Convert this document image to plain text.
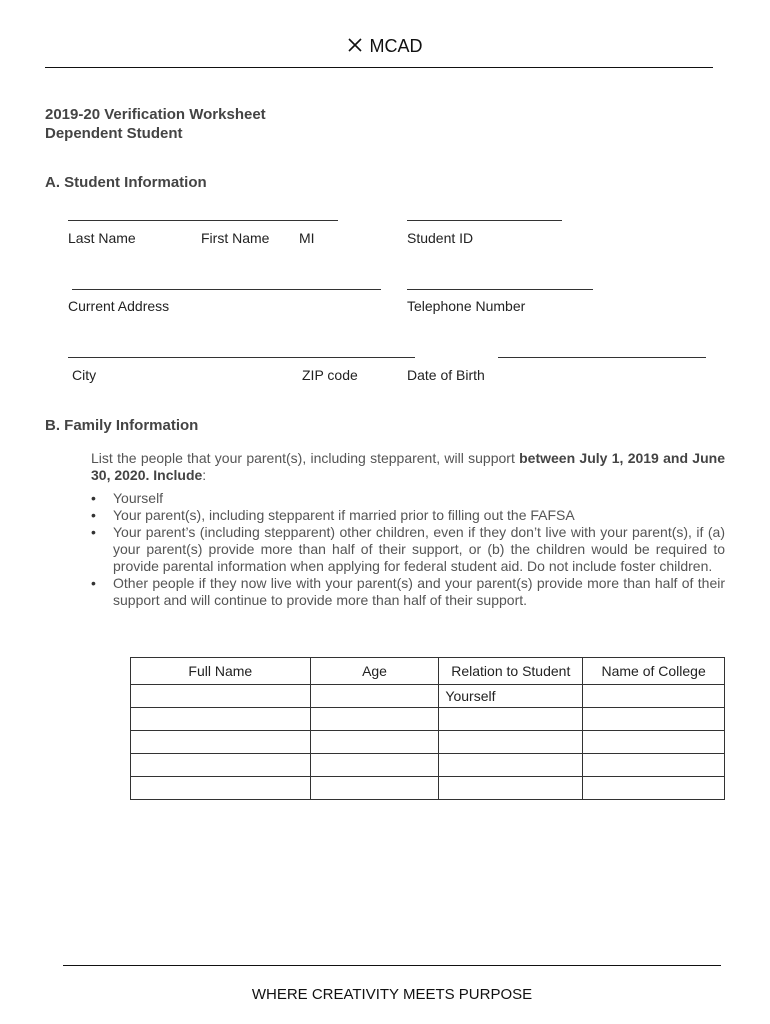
MCAD
2019-20 Verification Worksheet
Dependent Student
A. Student Information
Last Name	First Name MI	Student ID
Current Address	Telephone Number
City	ZIP code	Date of Birth
B. Family Information
List the people that your parent(s), including stepparent, will support between July 1, 2019 and June 30, 2020. Include:
• Yourself
• Your parent(s), including stepparent if married prior to filling out the FAFSA
• Your parent’s (including stepparent) other children, even if they don’t live with your parent(s), if (a) your parent(s) provide more than half of their support, or (b) the children would be required to provide parental information when applying for federal student aid. Do not include foster children.
• Other people if they now live with your parent(s) and your parent(s) provide more than half of their support and will continue to provide more than half of their support.
Full Name	Age	Relation to Student	Name of College
		Yourself	

WHERE CREATIVITY MEETS PURPOSE
